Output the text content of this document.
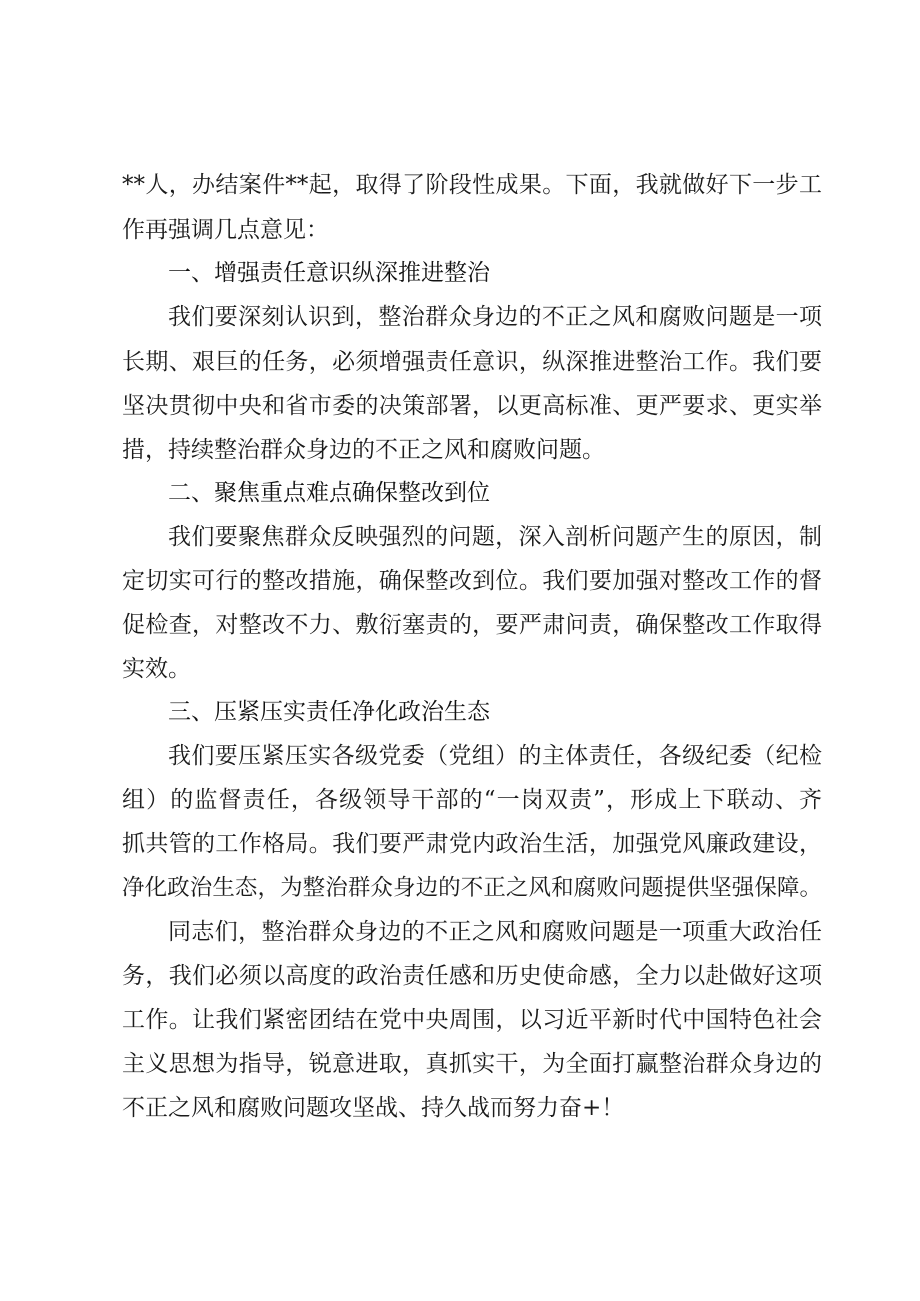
**人，办结案件**起，取得了阶段性成果。下面，我就做好下一步工
作再强调几点意见：
一、增强责任意识纵深推进整治
我们要深刻认识到，整治群众身边的不正之风和腐败问题是一项
长期、艰巨的任务，必须增强责任意识，纵深推进整治工作。我们要
坚决贯彻中央和省市委的决策部署，以更高标准、更严要求、更实举
措，持续整治群众身边的不正之风和腐败问题。
二、聚焦重点难点确保整改到位
我们要聚焦群众反映强烈的问题，深入剖析问题产生的原因，制
定切实可行的整改措施，确保整改到位。我们要加强对整改工作的督
促检查，对整改不力、敷衍塞责的，要严肃问责，确保整改工作取得
实效。
三、压紧压实责任净化政治生态
我们要压紧压实各级党委（党组）的主体责任，各级纪委（纪检
组）的监督责任，各级领导干部的“一岗双责”，形成上下联动、齐
抓共管的工作格局。我们要严肃党内政治生活，加强党风廉政建设，
净化政治生态，为整治群众身边的不正之风和腐败问题提供坚强保障。
同志们，整治群众身边的不正之风和腐败问题是一项重大政治任
务，我们必须以高度的政治责任感和历史使命感，全力以赴做好这项
工作。让我们紧密团结在党中央周围，以习近平新时代中国特色社会
主义思想为指导，锐意进取，真抓实干，为全面打赢整治群众身边的
不正之风和腐败问题攻坚战、持久战而努力奋+！
